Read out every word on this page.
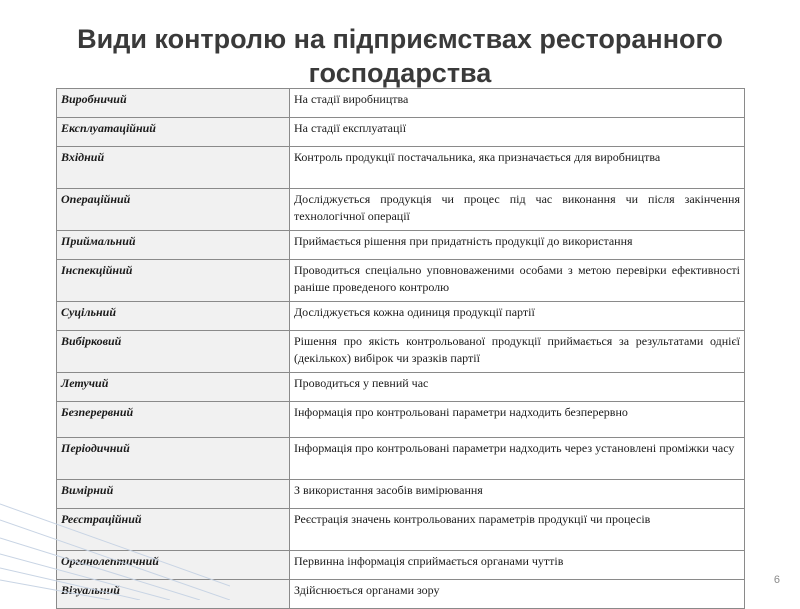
Види контролю на підприємствах ресторанного господарства
Виробничий	На стадії виробництва
Експлуатаційний	На стадії експлуатації
Вхідний	Контроль продукції постачальника, яка призначається для виробництва
Операційний	Досліджується продукція чи процес під час виконання чи після закінчення технологічної операції
Приймальний	Приймається рішення при придатність продукції до використання
Інспекційний	Проводиться спеціально уповноваженими особами з метою перевірки ефективності раніше проведеного контролю
Суцільний	Досліджується кожна одиниця продукції партії
Вибірковий	Рішення про якість контрольованої продукції приймається за результатами однієї (декількох) вибірок чи зразків партії
Летучий	Проводиться у певний час
Безперервний	Інформація про контрольовані параметри надходить безперервно
Періодичний	Інформація про контрольовані параметри надходить через установлені проміжки часу
Вимірний	З використання засобів вимірювання
Реєстраційний	Реєстрація значень контрольованих параметрів продукції чи процесів
Органолептичний	Первинна інформація сприймається органами чуттів
Візуальний	Здійснюється органами зору
6
